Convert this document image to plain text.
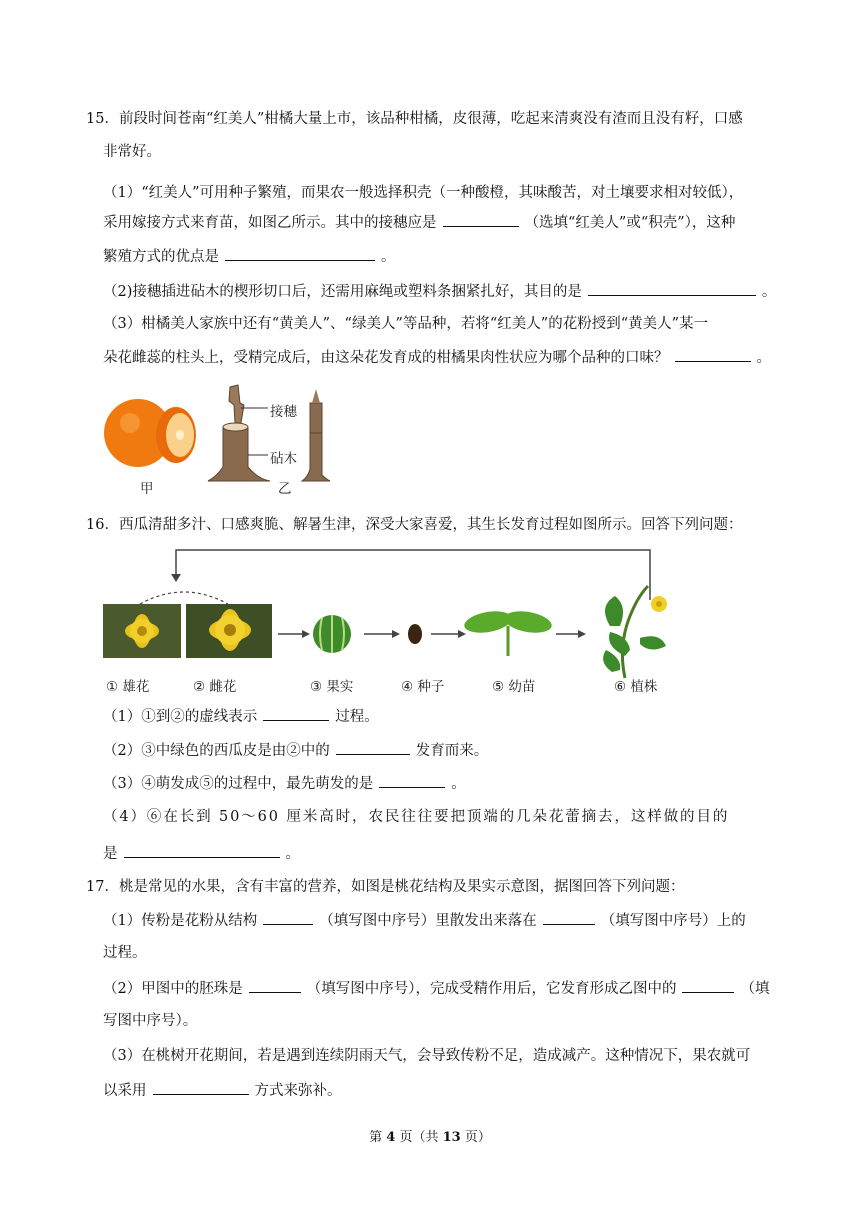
15．前段时间苍南“红美人”柑橘大量上市，该品种柑橘，皮很薄，吃起来清爽没有渣而且没有籽，口感
非常好。
（1）“红美人”可用种子繁殖，而果农一般选择积壳（一种酸橙，其味酸苦，对土壤要求相对较低），
采用嫁接方式来育苗，如图乙所示。其中的接穗应是	（选填“红美人”或“积壳”），这种
繁殖方式的优点是	。
（2)接穗插进砧木的楔形切口后，还需用麻绳或塑料条捆紧扎好，其目的是	。
（3）柑橘美人家族中还有“黄美人”、“绿美人”等品种，若将“红美人”的花粉授到“黄美人”某一
朵花雌蕊的柱头上，受精完成后，由这朵花发育成的柑橘果肉性状应为哪个品种的口味？	。
接穗
砧木
甲	乙
16．西瓜清甜多汁、口感爽脆、解暑生津，深受大家喜爱，其生长发育过程如图所示。回答下列问题：
① 雄花	② 雌花	③ 果实	④ 种子	⑤ 幼苗	⑥ 植株
（1）①到②的虚线表示	过程。
（2）③中绿色的西瓜皮是由②中的	发育而来。
（3）④萌发成⑤的过程中，最先萌发的是	。
（4）⑥在长到 50～60 厘米高时，农民往往要把顶端的几朵花蕾摘去，这样做的目的
是	。
17．桃是常见的水果，含有丰富的营养，如图是桃花结构及果实示意图，据图回答下列问题：
（1）传粉是花粉从结构	（填写图中序号）里散发出来落在	（填写图中序号）上的
过程。
（2）甲图中的胚珠是	（填写图中序号），完成受精作用后，它发育形成乙图中的	（填
写图中序号）。
（3）在桃树开花期间，若是遇到连续阴雨天气，会导致传粉不足，造成减产。这种情况下，果农就可
以采用	方式来弥补。
第 4 页（共 13 页）
